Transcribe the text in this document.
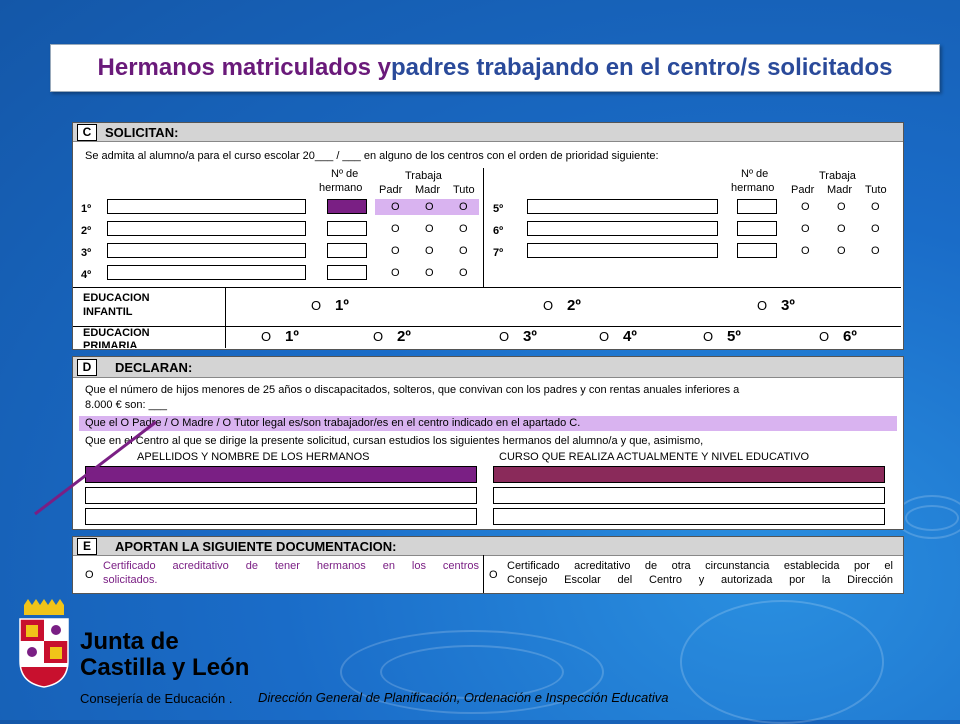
Hermanos matriculados y padres trabajando en el centro/s solicitados
C	SOLICITAN:
Se admita al alumno/a para el curso escolar 20___ / ___ en alguno de los centros con el orden de prioridad siguiente:
Nº de
hermano
Trabaja
Padr Madr Tuto
Nº de
hermano
Trabaja
Padr Madr Tuto
1º	O O O
2º	O O O
3º	O O O
4º	O O O
5º	O O O
6º	O O O
7º	O O O
EDUCACION
INFANTIL	O 1º	O 2º	O 3º
EDUCACION
PRIMARIA
O 1º	O 2º	O 3º	O 4º	O 5º	O 6º
D	DECLARAN:
Que el número de hijos menores de 25 años o discapacitados, solteros, que convivan con los padres y con rentas anuales inferiores a
8.000 € son: ___
Que el O Padre / O Madre / O Tutor legal es/son trabajador/es en el centro indicado en el apartado C.
Que en el Centro al que se dirige la presente solicitud, cursan estudios los siguientes hermanos del alumno/a y que, asimismo,
APELLIDOS Y NOMBRE DE LOS HERMANOS	CURSO QUE REALIZA ACTUALMENTE Y NIVEL EDUCATIVO
E	APORTAN LA SIGUIENTE DOCUMENTACION:
O
Certificado acreditativo de tener hermanos en los centros
solicitados.	O
Certificado acreditativo de otra circunstancia establecida por el
Consejo Escolar del Centro y autorizada por la Dirección
Junta de
Castilla y León
Consejería de Educación . Dirección General de Planificación, Ordenación e Inspección Educativa
